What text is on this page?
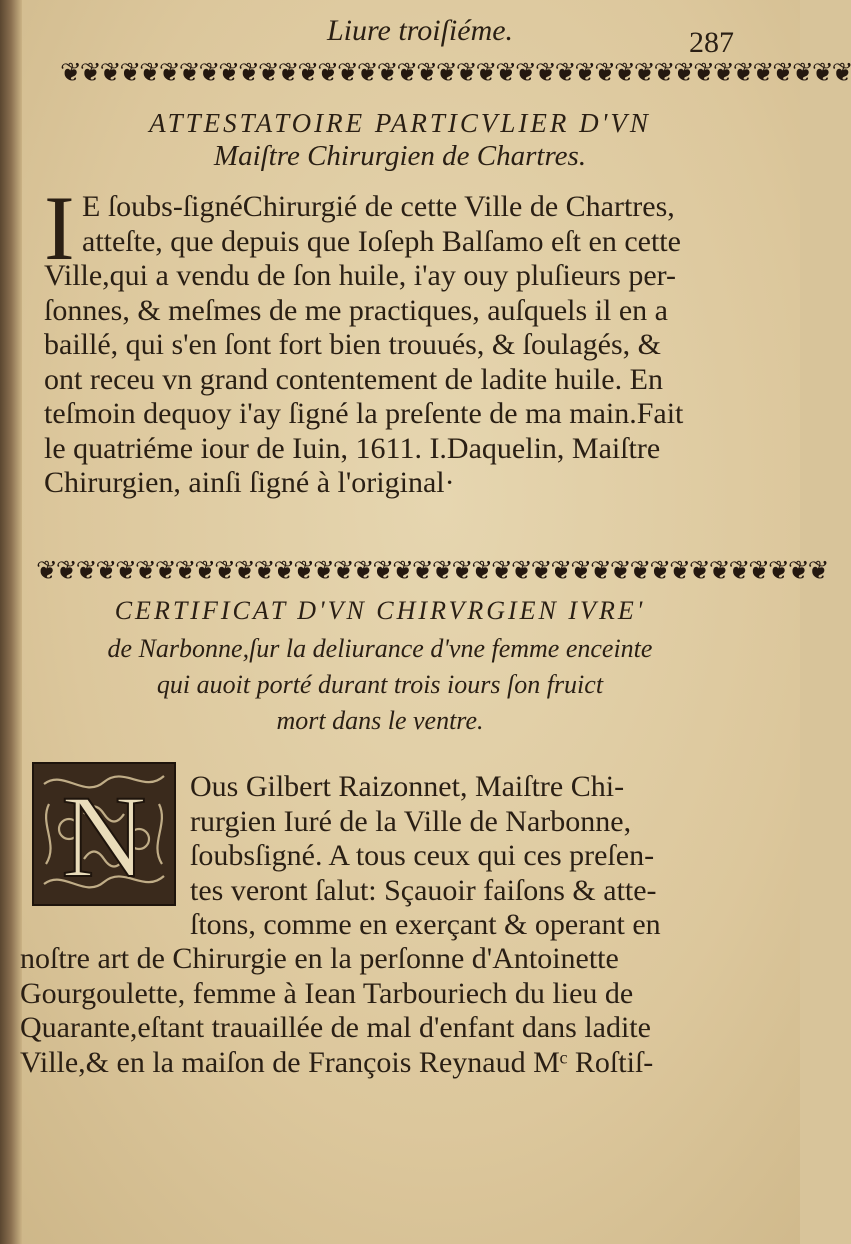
Liure troiſiéme.	287
❦❦❦❦❦❦❦❦❦❦❦❦❦❦❦❦❦❦❦❦❦❦❦❦❦❦❦❦❦❦❦❦❦❦❦❦❦❦❦❦
ATTESTATOIRE PARTICVLIER D'VN
Maiſtre Chirurgien de Chartres.
I E ſoubs-ſignéChirurgié de cette Ville de Chartres,
atteſte, que depuis que Ioſeph Balſamo eſt en cette
Ville,qui a vendu de ſon huile, i'ay ouy pluſieurs per-
ſonnes, & meſmes de me practiques, auſquels il en a
baillé, qui s'en ſont fort bien trouués, & ſoulagés, &
ont receu vn grand contentement de ladite huile. En
teſmoin dequoy i'ay ſigné la preſente de ma main.Fait
le quatriéme iour de Iuin, 1611. I.Daquelin, Maiſtre
Chirurgien, ainſi ſigné à l'original·
❦❦❦❦❦❦❦❦❦❦❦❦❦❦❦❦❦❦❦❦❦❦❦❦❦❦❦❦❦❦❦❦❦❦❦❦❦❦❦❦
CERTIFICAT D'VN CHIRVRGIEN IVRE'
de Narbonne,ſur la deliurance d'vne femme enceinte
qui auoit porté durant trois iours ſon fruict
mort dans le ventre.
N Ous Gilbert Raizonnet, Maiſtre Chi-
rurgien Iuré de la Ville de Narbonne,
ſoubsſigné. A tous ceux qui ces preſen-
tes veront ſalut: Sçauoir faiſons & atte-
ſtons, comme en exerçant & operant en
noſtre art de Chirurgie en la perſonne d'Antoinette
Gourgoulette, femme à Iean Tarbouriech du lieu de
Quarante,eſtant trauaillée de mal d'enfant dans ladite
Ville,& en la maiſon de François Reynaud Mᶜ Roſtiſ-
